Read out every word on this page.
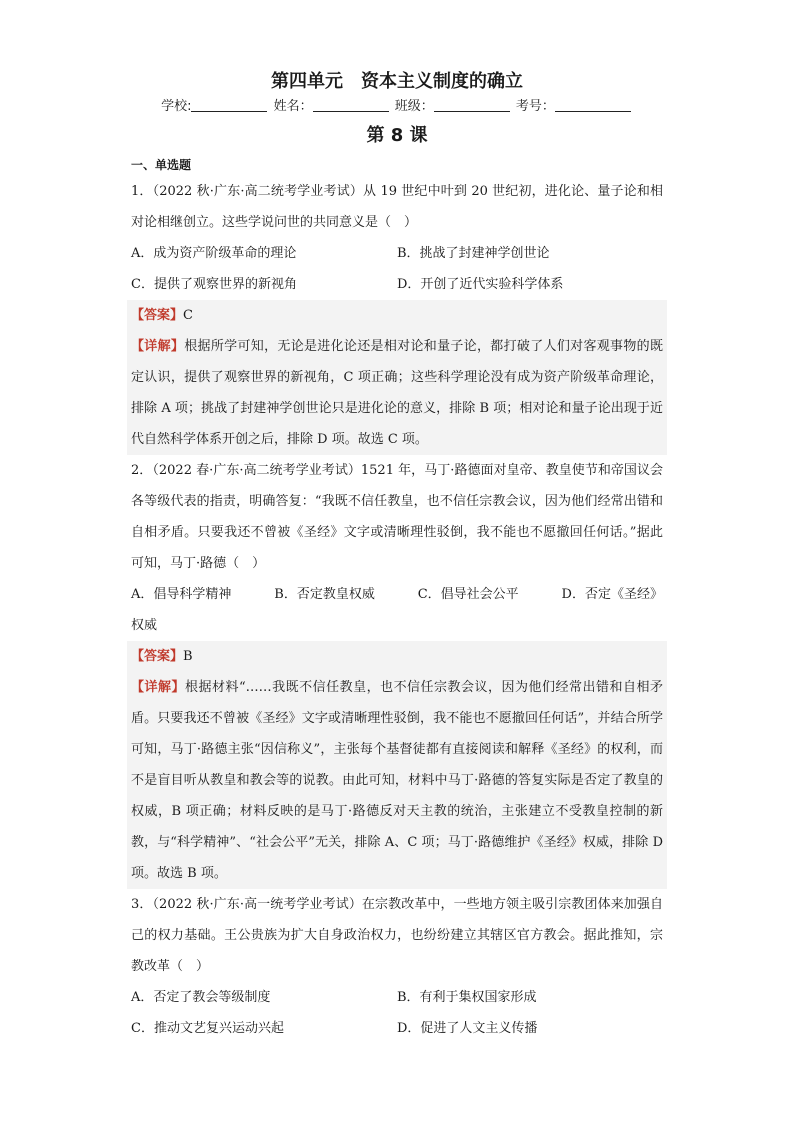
第四单元　资本主义制度的确立
学校:	姓名：	班级：	考号：
第 8 课
一、单选题
1．（2022 秋·广东·高二统考学业考试）从 19 世纪中叶到 20 世纪初，进化论、量子论和相对论相继创立。这些学说问世的共同意义是（　）
A．成为资产阶级革命的理论	B．挑战了封建神学创世论
C．提供了观察世界的新视角	D．开创了近代实验科学体系
【答案】C
【详解】根据所学可知，无论是进化论还是相对论和量子论，都打破了人们对客观事物的既定认识，提供了观察世界的新视角，C 项正确；这些科学理论没有成为资产阶级革命理论，排除 A 项；挑战了封建神学创世论只是进化论的意义，排除 B 项；相对论和量子论出现于近代自然科学体系开创之后，排除 D 项。故选 C 项。
2．（2022 春·广东·高二统考学业考试）1521 年，马丁·路德面对皇帝、教皇使节和帝国议会各等级代表的指责，明确答复：“我既不信任教皇，也不信任宗教会议，因为他们经常出错和自相矛盾。只要我还不曾被《圣经》文字或清晰理性驳倒，我不能也不愿撤回任何话。”据此可知，马丁·路德（　）
A．倡导科学精神	B．否定教皇权威	C．倡导社会公平	D．否定《圣经》
权威
【答案】B
【详解】根据材料“……我既不信任教皇，也不信任宗教会议，因为他们经常出错和自相矛盾。只要我还不曾被《圣经》文字或清晰理性驳倒，我不能也不愿撤回任何话”，并结合所学可知，马丁·路德主张“因信称义”，主张每个基督徒都有直接阅读和解释《圣经》的权利，而不是盲目听从教皇和教会等的说教。由此可知，材料中马丁·路德的答复实际是否定了教皇的权威，B 项正确；材料反映的是马丁·路德反对天主教的统治，主张建立不受教皇控制的新教，与“科学精神”、“社会公平”无关，排除 A、C 项；马丁·路德维护《圣经》权威，排除 D 项。故选 B 项。
3．（2022 秋·广东·高一统考学业考试）在宗教改革中，一些地方领主吸引宗教团体来加强自己的权力基础。王公贵族为扩大自身政治权力，也纷纷建立其辖区官方教会。据此推知，宗教改革（　）
A．否定了教会等级制度	B．有利于集权国家形成
C．推动文艺复兴运动兴起	D．促进了人文主义传播
